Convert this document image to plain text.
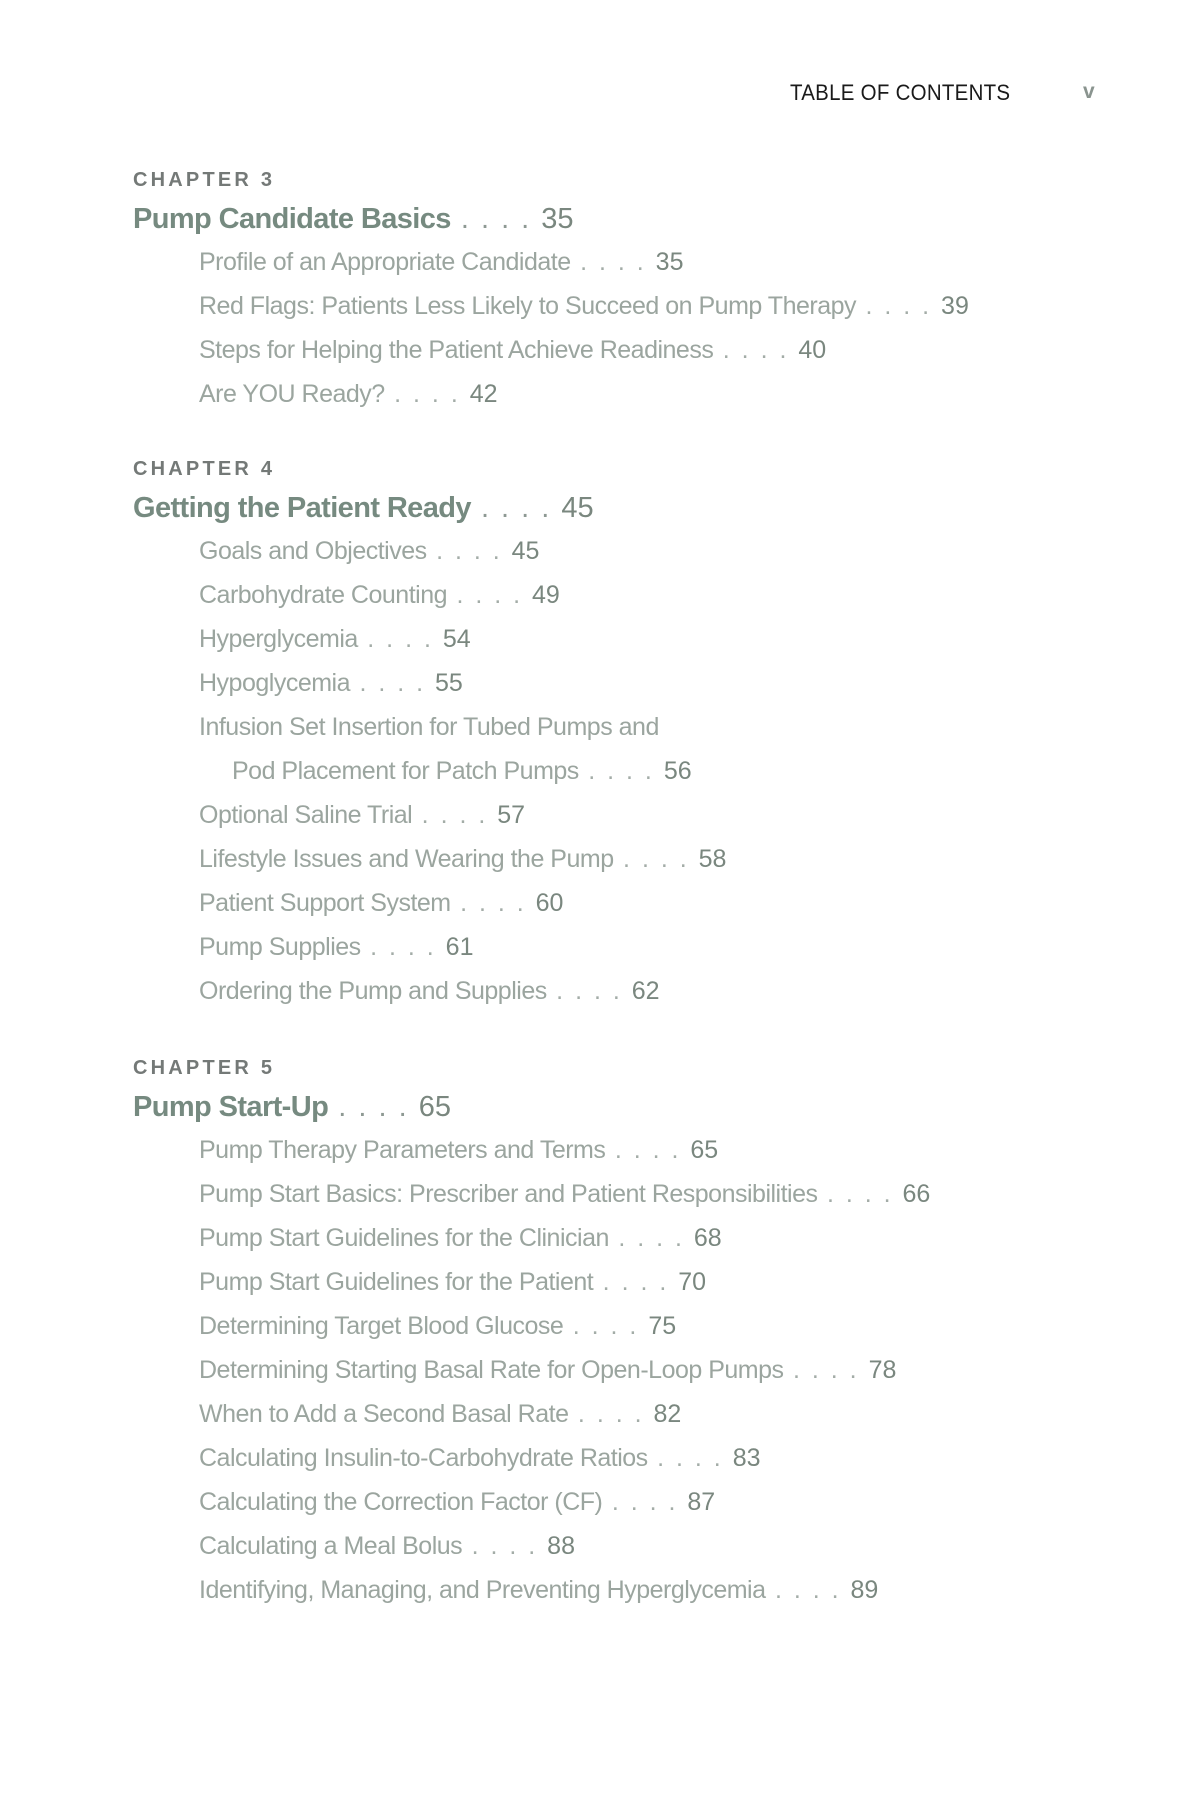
TABLE OF CONTENTS	v
CHAPTER 3
Pump Candidate Basics . . . . 35
Profile of an Appropriate Candidate . . . . 35
Red Flags: Patients Less Likely to Succeed on Pump Therapy . . . . 39
Steps for Helping the Patient Achieve Readiness . . . . 40
Are YOU Ready? . . . . 42
CHAPTER 4
Getting the Patient Ready . . . . 45
Goals and Objectives . . . . 45
Carbohydrate Counting . . . . 49
Hyperglycemia . . . . 54
Hypoglycemia . . . . 55
Infusion Set Insertion for Tubed Pumps and
Pod Placement for Patch Pumps . . . . 56
Optional Saline Trial . . . . 57
Lifestyle Issues and Wearing the Pump . . . . 58
Patient Support System . . . . 60
Pump Supplies . . . . 61
Ordering the Pump and Supplies . . . . 62
CHAPTER 5
Pump Start-Up . . . . 65
Pump Therapy Parameters and Terms . . . . 65
Pump Start Basics: Prescriber and Patient Responsibilities . . . . 66
Pump Start Guidelines for the Clinician . . . . 68
Pump Start Guidelines for the Patient . . . . 70
Determining Target Blood Glucose . . . . 75
Determining Starting Basal Rate for Open-Loop Pumps . . . . 78
When to Add a Second Basal Rate . . . . 82
Calculating Insulin-to-Carbohydrate Ratios . . . . 83
Calculating the Correction Factor (CF) . . . . 87
Calculating a Meal Bolus . . . . 88
Identifying, Managing, and Preventing Hyperglycemia . . . . 89
